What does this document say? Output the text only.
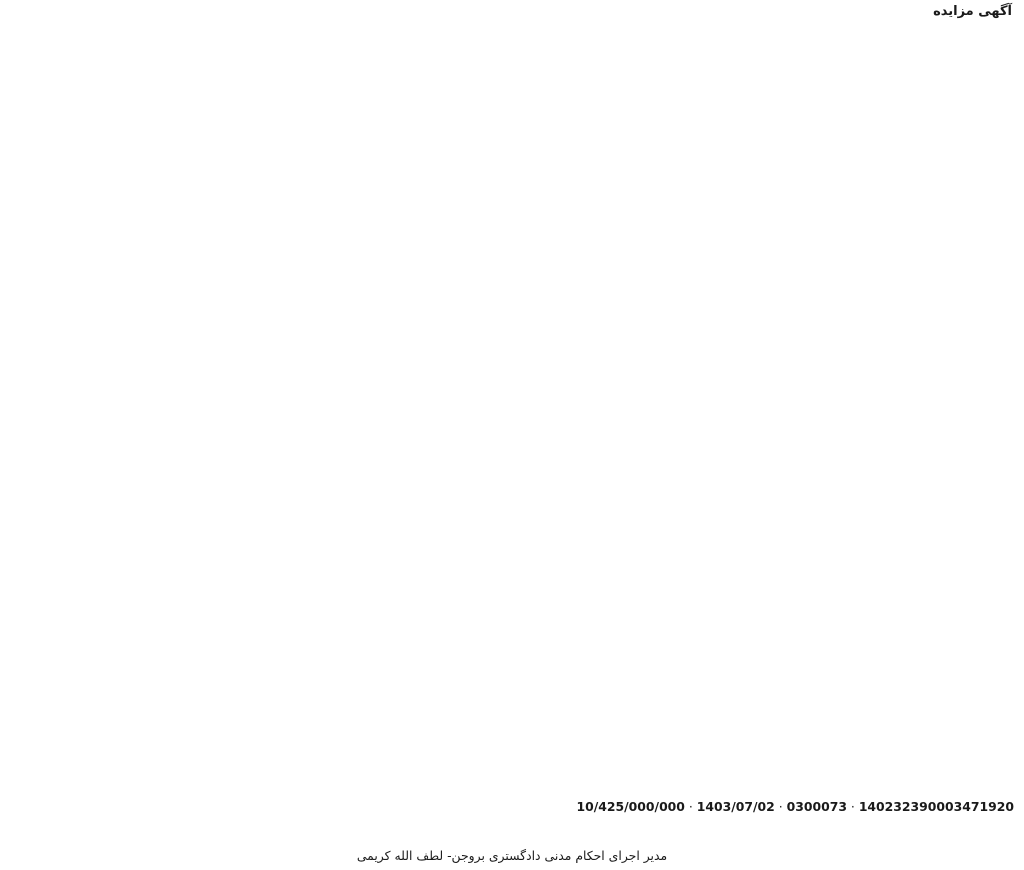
آگهی مزایده

140232390003471920 · 0300073 · 1403/07/02 · 10/425/000/000

مدیر اجرای احکام مدنی دادگستری بروجن- لطف الله کریمی
